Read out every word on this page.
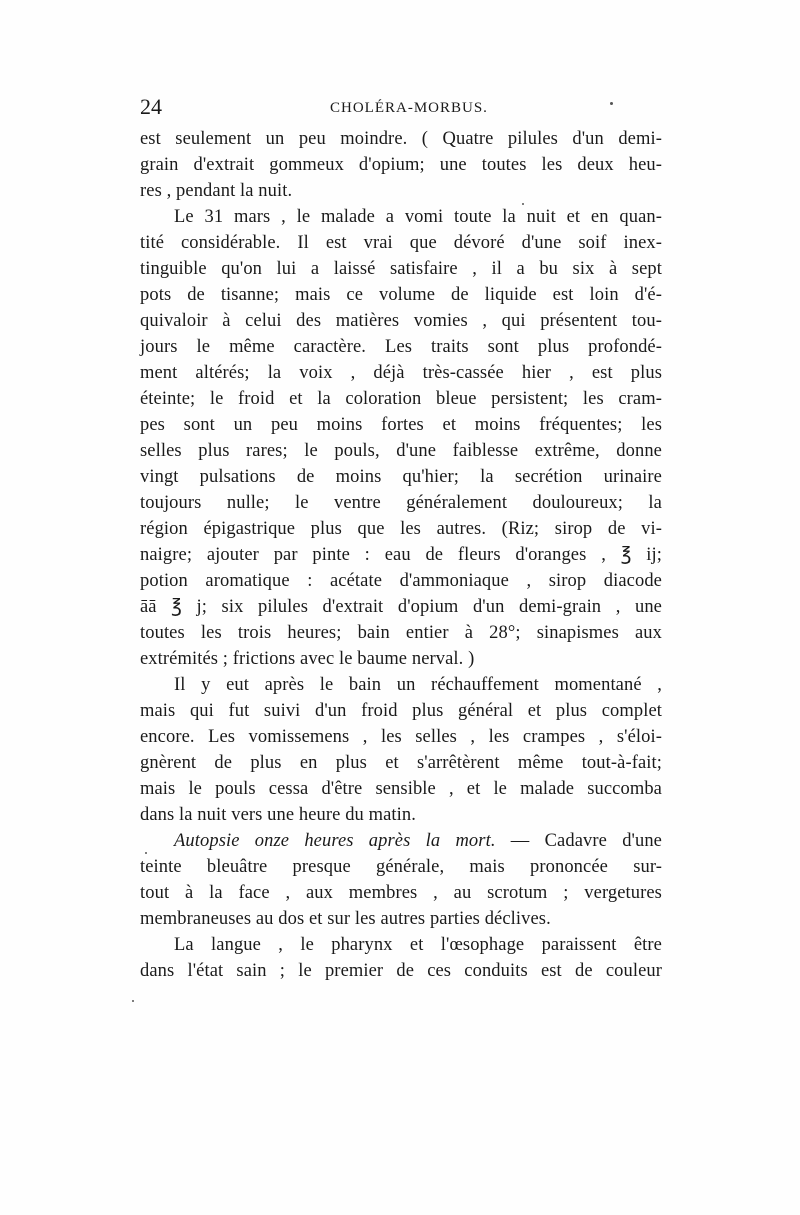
24	CHOLÉRA-MORBUS.
est seulement un peu moindre. ( Quatre pilules d'un demi-
grain d'extrait gommeux d'opium; une toutes les deux heu-
res , pendant la nuit.
Le 31 mars , le malade a vomi toute la nuit et en quan-
tité considérable. Il est vrai que dévoré d'une soif inex-
tinguible qu'on lui a laissé satisfaire , il a bu six à sept
pots de tisanne; mais ce volume de liquide est loin d'é-
quivaloir à celui des matières vomies , qui présentent tou-
jours le même caractère. Les traits sont plus profondé-
ment altérés; la voix , déjà très-cassée hier , est plus
éteinte; le froid et la coloration bleue persistent; les cram-
pes sont un peu moins fortes et moins fréquentes; les
selles plus rares; le pouls, d'une faiblesse extrême, donne
vingt pulsations de moins qu'hier; la secrétion urinaire
toujours nulle; le ventre généralement douloureux; la
région épigastrique plus que les autres. (Riz; sirop de vi-
naigre; ajouter par pinte : eau de fleurs d'oranges , ℥ ij;
potion aromatique : acétate d'ammoniaque , sirop diacode
āā ℥ j; six pilules d'extrait d'opium d'un demi-grain , une
toutes les trois heures; bain entier à 28°; sinapismes aux
extrémités ; frictions avec le baume nerval. )
Il y eut après le bain un réchauffement momentané ,
mais qui fut suivi d'un froid plus général et plus complet
encore. Les vomissemens , les selles , les crampes , s'éloi-
gnèrent de plus en plus et s'arrêtèrent même tout-à-fait;
mais le pouls cessa d'être sensible , et le malade succomba
dans la nuit vers une heure du matin.
Autopsie onze heures après la mort. — Cadavre d'une
teinte bleuâtre presque générale, mais prononcée sur-
tout à la face , aux membres , au scrotum ; vergetures
membraneuses au dos et sur les autres parties déclives.
La langue , le pharynx et l'œsophage paraissent être
dans l'état sain ; le premier de ces conduits est de couleur
